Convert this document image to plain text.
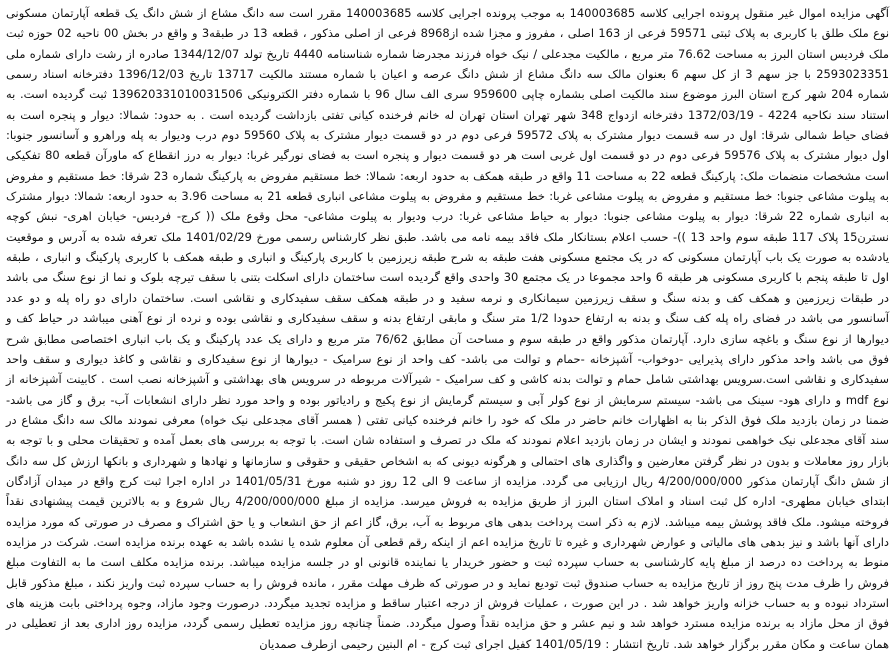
آگهی مزایده اموال غیر منقول پرونده اجرایی کلاسه 140003685 به موجب پرونده اجرایی کلاسه 140003685 مقرر است سه دانگ مشاع از شش دانگ یک قطعه آپارتمان مسکونی نوع ملک طلق با کاربری به پلاک ثبتی 59571 فرعی از 163 اصلی ، مفروز و مجزا شده از8968 فرعی از اصلی مذکور ، قطعه 13 در طبقه3 و واقع در بخش 00 ناحیه 02 حوزه ثبت ملک فردیس استان البرز به مساحت 76.62 متر مربع ، مالکیت مجدعلی / نیک خواه فرزند مجدرضا شماره شناسنامه 4440 تاریخ تولد 1344/12/07 صادره از رشت دارای شماره ملی 2593023351 با جز سهم 3 از کل سهم 6 بعنوان مالک سه دانگ مشاع از شش دانگ عرصه و اعیان با شماره مستند مالکیت 13717 تاریخ 1396/12/03 دفترخانه اسناد رسمی شماره 204 شهر کرج استان البرز موضوع سند مالکیت اصلی بشماره چاپی 959600 سری الف سال 96 با شماره دفتر الکترونیکی 139620331010031506 ثبت گردیده است. به استناد سند نکاحیه 4224 - 1372/03/19 دفترخانه ازدواج 348 شهر تهران استان تهران له خانم فرخنده کیانی تفتی بازداشت گردیده است . به حدود: شمالا: دیوار و پنجره است به فضای حیاط شمالی شرقا: اول در سه قسمت دیوار مشترک به پلاک 59572 فرعی دوم در دو قسمت دیوار مشترک به پلاک 59560 دوم درب ودیوار به پله وراهرو و آسانسور جنوبا: اول دیوار مشترک به پلاک 59576 فرعی دوم در دو قسمت اول غربی است هر دو قسمت دیوار و پنجره است به فضای نورگیر غربا: دیوار به درز انقطاع که ماورآن قطعه 80 تفکیکی است مشخصات منضمات ملک: پارکینگ قطعه 22 به مساحت 11 واقع در طبقه همکف به حدود اربعه: شمالا: خط مستقیم مفروض به پارکینگ شماره 23 شرقا: خط مستقیم و مفروض به پیلوت مشاعی جنوبا: خط مستقیم و مفروض به پیلوت مشاعی غربا: خط مستقیم و مفروض به پیلوت مشاعی انباری قطعه 21 به مساحت 3.96 به حدود اربعه: شمالا: دیوار مشترک به انباری شماره 22 شرقا: دیوار به پیلوت مشاعی جنوبا: دیوار به حیاط مشاعی غربا: درب ودیوار به پیلوت مشاعی- محل وقوع ملک (( کرج- فردیس- خیابان اهری- نبش کوچه نسترن15 پلاک 117 طبقه سوم واحد 13 ))- حسب اعلام بستانکار ملک فاقد بیمه نامه می باشد. طبق نظر کارشناس رسمی مورخ 1401/02/29 ملک تعرفه شده به آدرس و موقعیت یادشده به صورت یک باب آپارتمان مسکونی که در یک مجتمع مسکونی هفت طبقه به شرح طبقه زیرزمین با کاربری پارکینگ و انباری و طبقه همکف با کاربری پارکینگ و انباری ، طبقه اول تا طبقه پنجم با کاربری مسکونی هر طبقه 6 واحد مجموعا در یک مجتمع 30 واحدی واقع گردیده است ساختمان دارای اسکلت بتنی با سقف تیرچه بلوک و نما از نوع سنگ می باشد در طبقات زیرزمین و همکف کف و بدنه سنگ و سقف زیرزمین سیمانکاری و نرمه سفید و در طبقه همکف سقف سفیدکاری و نقاشی است. ساختمان دارای دو راه پله و دو عدد آسانسور می باشد در فضای راه پله کف سنگ و بدنه به ارتفاع حدودا 1/2 متر سنگ و مابقی ارتفاع بدنه و سقف سفیدکاری و نقاشی بوده و نرده از نوع آهنی میباشد در حیاط کف و دیوارها از نوع سنگ و باغچه سازی دارد. آپارتمان مذکور واقع در طبقه سوم و مساحت آن مطابق 76/62 متر مربع و دارای یک عدد پارکینگ و یک باب انباری اختصاصی مطابق شرح فوق می باشد واحد مذکور دارای پذیرایی -دوخواب- آشپزخانه -حمام و توالت می باشد- کف واحد از نوع سرامیک - دیوارها از نوع سفیدکاری و نقاشی و کاغذ دیواری و سقف واحد سفیدکاری و نقاشی است.سرویس بهداشتی شامل حمام و توالت بدنه کاشی و کف سرامیک - شیرآلات مربوطه در سرویس های بهداشتی و آشپزخانه نصب است . کابینت آشپزخانه از نوع mdf و دارای هود- سینک می باشد- سیستم سرمایش از نوع کولر آبی و سیستم گرمایش از نوع پکیج و رادیاتور بوده و واحد مورد نظر دارای انشعابات آب- برق و گاز می باشد- ضمنا در زمان بازدید ملک فوق الذکر بنا به اظهارات خانم حاضر در ملک که خود را خانم فرخنده کیانی تفتی ( همسر آقای مجدعلی نیک خواه) معرفی نمودند مالک سه دانگ مشاع در سند آقای مجدعلی نیک خواهمی نمودند و ایشان در زمان بازدید اعلام نمودند که ملک در تصرف و استفاده شان است. با توجه به بررسی های بعمل آمده و تحقیقات محلی و با توجه به بازار روز معاملات و بدون در نظر گرفتن معارضین و واگذاری های احتمالی و هرگونه دیونی که به اشخاص حقیقی و حقوقی و سازمانها و نهادها و شهرداری و بانکها ارزش کل سه دانگ از شش دانگ آپارتمان مذکور 4/200/000/000 ریال ارزیابی می گردد. مزایده از ساعت 9 الی 12 روز دو شنبه مورخ 1401/05/31 در اداره اجرا ثبت کرج واقع در میدان آزادگان ابتدای خیابان مطهری- اداره کل ثبت اسناد و املاک استان البرز از طریق مزایده به فروش میرسد. مزایده از مبلغ 4/200/000/000 ریال شروع و به بالاترین قیمت پیشنهادی نقداً فروخته میشود. ملک فاقد پوشش بیمه میباشد. لازم به ذکر است پرداخت بدهی های مربوط به آب، برق، گاز اعم از حق انشعاب و یا حق اشتراک و مصرف در صورتی که مورد مزایده دارای آنها باشد و نیز بدهی های مالیاتی و عوارض شهرداری و غیره تا تاریخ مزایده اعم از اینکه رقم قطعی آن معلوم شده یا نشده باشد به عهده برنده مزایده است. شرکت در مزایده منوط به پرداخت ده درصد از مبلغ پایه کارشناسی به حساب سپرده ثبت و حضور خریدار یا نماینده قانونی او در جلسه مزایده میباشد. برنده مزایده مکلف است ما به التفاوت مبلغ فروش را ظرف مدت پنج روز از تاریخ مزایده به حساب صندوق ثبت تودیع نماید و در صورتی که ظرف مهلت مقرر ، مانده فروش را به حساب سپرده ثبت واریز نکند ، مبلغ مذکور قابل استرداد نبوده و به حساب خزانه واریز خواهد شد . در این صورت ، عملیات فروش از درجه اعتبار ساقط و مزایده تجدید میگردد. درصورت وجود مازاد، وجوه پرداختی بابت هزینه های فوق از محل مازاد به برنده مزایده مسترد خواهد شد و نیم عشر و حق مزایده نقداً وصول میگردد. ضمناً چنانچه روز مزایده تعطیل رسمی گردد، مزایده روز اداری بعد از تعطیلی در همان ساعت و مکان مقرر برگزار خواهد شد. تاریخ انتشار : 1401/05/19 کفیل اجرای ثبت کرج - ام البنین رحیمی ازطرف صمدیان
